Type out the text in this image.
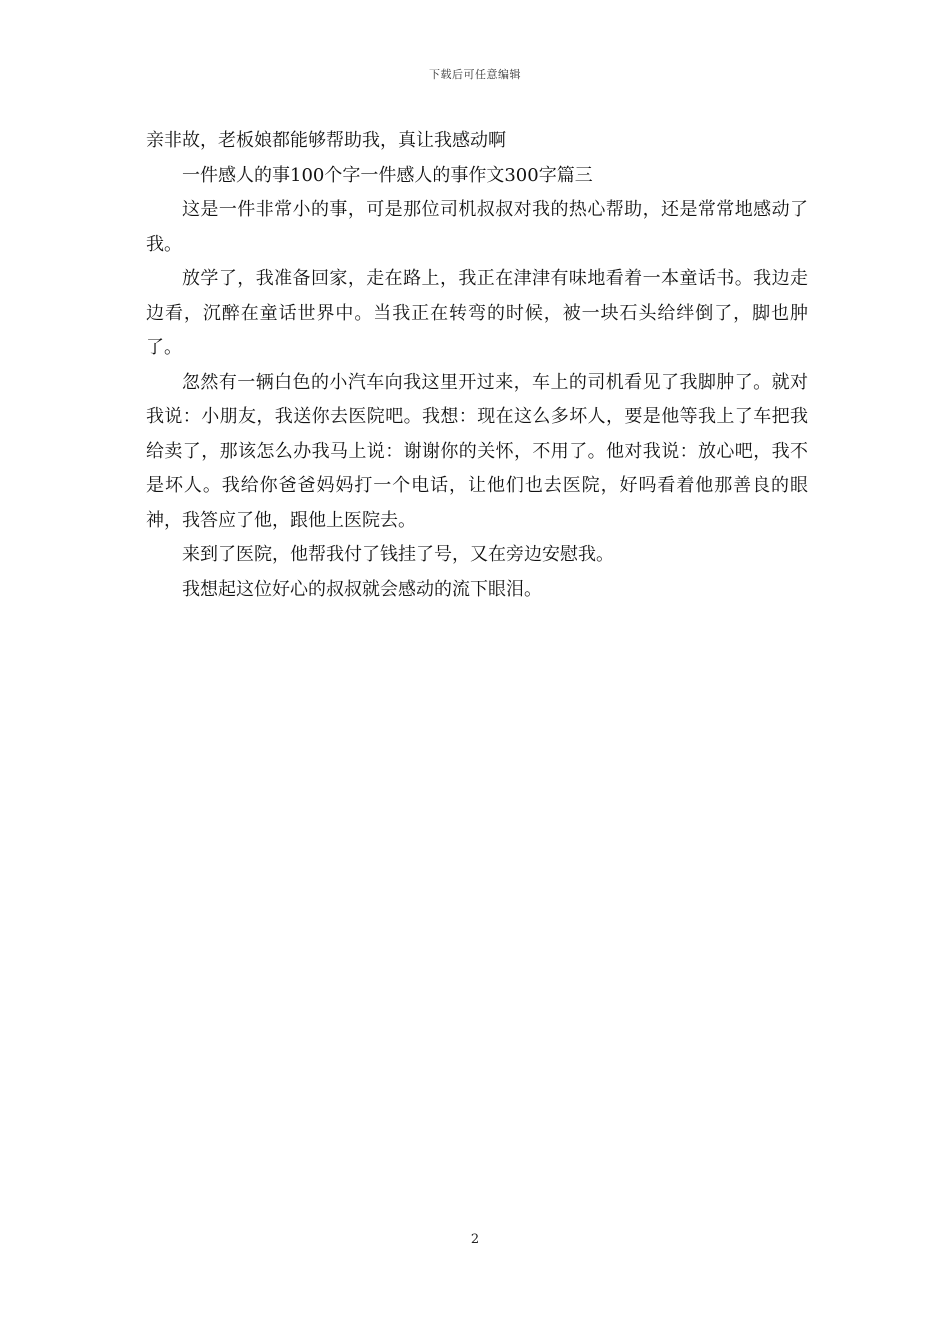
下载后可任意编辑

亲非故，老板娘都能够帮助我，真让我感动啊

一件感人的事100个字一件感人的事作文300字篇三

这是一件非常小的事，可是那位司机叔叔对我的热心帮助，还是常常地感动了我。

放学了，我准备回家，走在路上，我正在津津有味地看着一本童话书。我边走边看，沉醉在童话世界中。当我正在转弯的时候，被一块石头给绊倒了，脚也肿了。

忽然有一辆白色的小汽车向我这里开过来，车上的司机看见了我脚肿了。就对我说：小朋友，我送你去医院吧。我想：现在这么多坏人，要是他等我上了车把我给卖了，那该怎么办我马上说：谢谢你的关怀，不用了。他对我说：放心吧，我不是坏人。我给你爸爸妈妈打一个电话，让他们也去医院，好吗看着他那善良的眼神，我答应了他，跟他上医院去。

来到了医院，他帮我付了钱挂了号，又在旁边安慰我。

我想起这位好心的叔叔就会感动的流下眼泪。

2
